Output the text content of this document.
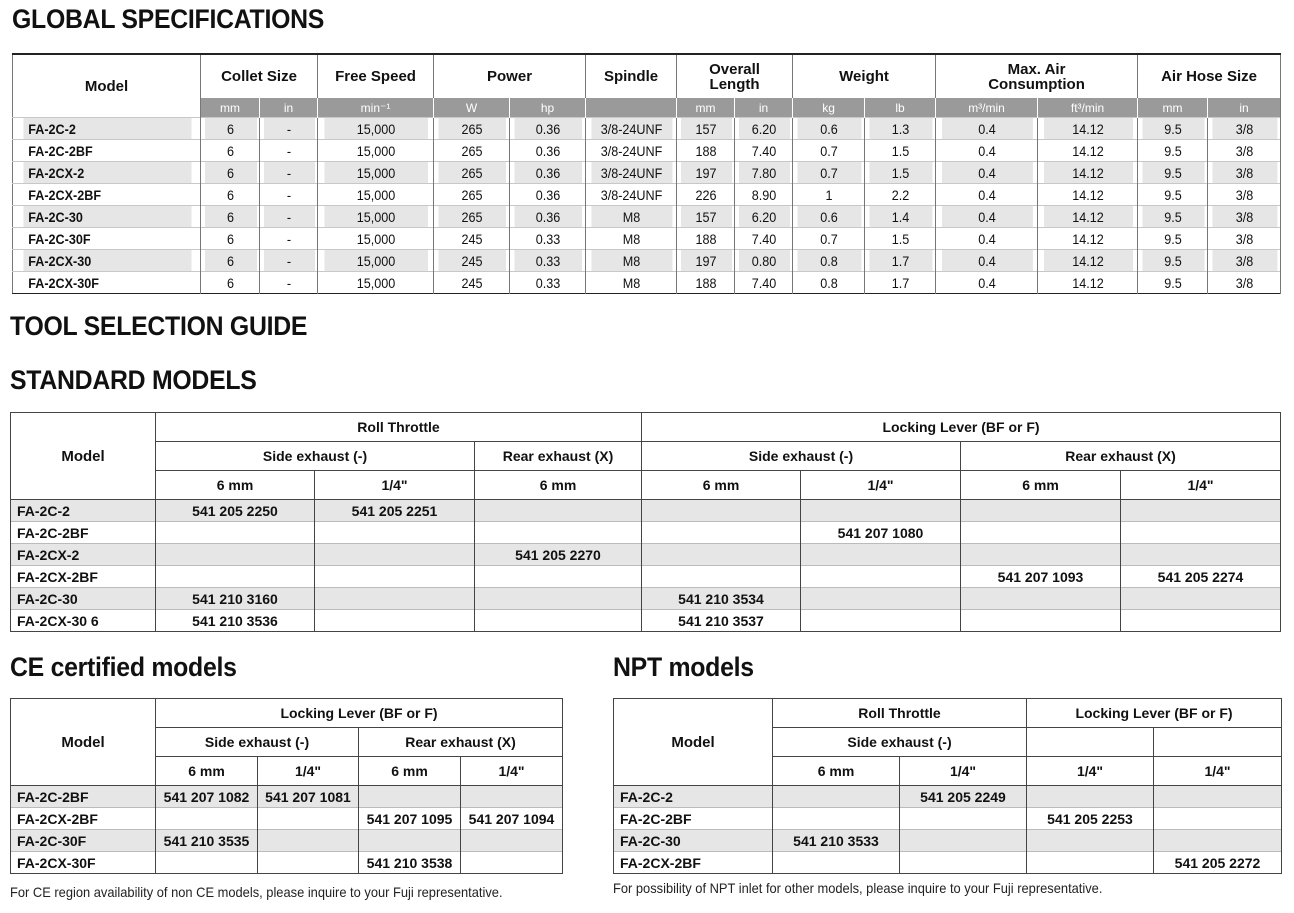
GLOBAL SPECIFICATIONS
Model	Collet Size		Free Speed	Power		Spindle	Overall Length		Weight		Max. Air Consumption		Air Hose Size	
	mm	in	min⁻¹	W	hp		mm	in	kg	lb	m³/min	ft³/min	mm	in
FA-2C-2	6	-	15,000	265	0.36	3/8-24UNF	157	6.20	0.6	1.3	0.4	14.12	9.5	3/8
FA-2C-2BF	6	-	15,000	265	0.36	3/8-24UNF	188	7.40	0.7	1.5	0.4	14.12	9.5	3/8
FA-2CX-2	6	-	15,000	265	0.36	3/8-24UNF	197	7.80	0.7	1.5	0.4	14.12	9.5	3/8
FA-2CX-2BF	6	-	15,000	265	0.36	3/8-24UNF	226	8.90	1	2.2	0.4	14.12	9.5	3/8
FA-2C-30	6	-	15,000	265	0.36	M8	157	6.20	0.6	1.4	0.4	14.12	9.5	3/8
FA-2C-30F	6	-	15,000	245	0.33	M8	188	7.40	0.7	1.5	0.4	14.12	9.5	3/8
FA-2CX-30	6	-	15,000	245	0.33	M8	197	0.80	0.8	1.7	0.4	14.12	9.5	3/8
FA-2CX-30F	6	-	15,000	245	0.33	M8	188	7.40	0.8	1.7	0.4	14.12	9.5	3/8
TOOL SELECTION GUIDE
STANDARD MODELS
Model	Roll Throttle			Locking Lever (BF or F)			
	Side exhaust (-)		Rear exhaust (X)	Side exhaust (-)		Rear exhaust (X)	
	6 mm	1/4"	6 mm	6 mm	1/4"	6 mm	1/4"
FA-2C-2	541 205 2250	541 205 2251					
FA-2C-2BF					541 207 1080		
FA-2CX-2			541 205 2270				
FA-2CX-2BF						541 207 1093	541 205 2274
FA-2C-30	541 210 3160			541 210 3534			
FA-2CX-30 6	541 210 3536			541 210 3537			
CE certified models	NPT models
Model	Locking Lever (BF or F)			
	Side exhaust (-)		Rear exhaust (X)	
	6 mm	1/4"	6 mm	1/4"
FA-2C-2BF	541 207 1082	541 207 1081		
FA-2CX-2BF			541 207 1095	541 207 1094
FA-2C-30F	541 210 3535			
FA-2CX-30F			541 210 3538	

For CE region availability of non CE models, please inquire to your Fuji representative.

Model	Roll Throttle		Locking Lever (BF or F)	
	Side exhaust (-)			
	6 mm	1/4"	1/4"	1/4"
FA-2C-2		541 205 2249		
FA-2C-2BF			541 205 2253	
FA-2C-30	541 210 3533			
FA-2CX-2BF				541 205 2272

For possibility of NPT inlet for other models, please inquire to your Fuji representative.
